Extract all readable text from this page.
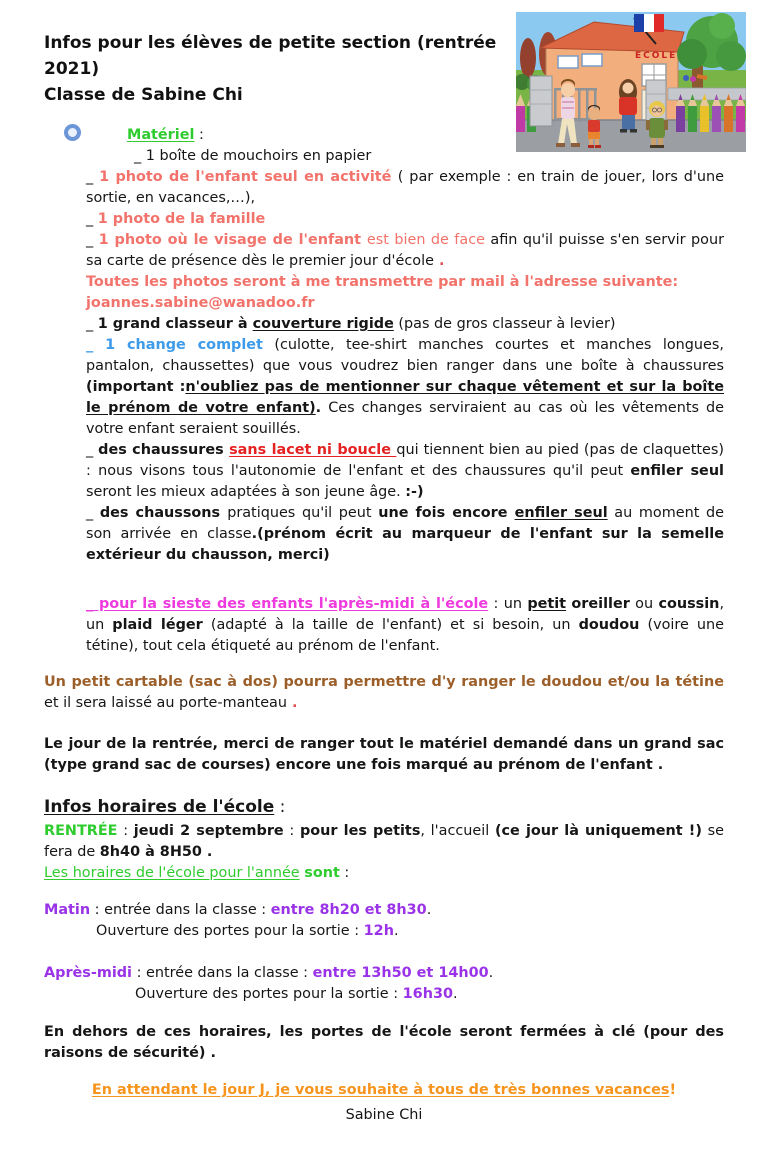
ECOLE
Infos pour les élèves de petite section (rentrée 2021)
Classe de Sabine Chi

Matériel :

_ 1 boîte de mouchoirs en papier

_ 1 photo de l'enfant seul en activité ( par exemple : en train de jouer, lors d'une sortie, en vacances,…),

_ 1 photo de la famille

_ 1 photo où le visage de l'enfant est bien de face afin qu'il puisse s'en servir pour sa carte de présence dès le premier jour d'école .

Toutes les photos seront à me transmettre par mail à l'adresse suivante:
joannes.sabine@wanadoo.fr

_ 1 grand classeur à couverture rigide (pas de gros classeur à levier)

_ 1 change complet (culotte, tee-shirt manches courtes et manches longues, pantalon, chaussettes) que vous voudrez bien ranger dans une boîte à chaussures (important :n'oubliez pas de mentionner sur chaque vêtement et sur la boîte le prénom de votre enfant). Ces changes serviraient au cas où les vêtements de votre enfant seraient souillés.

_ des chaussures sans lacet ni boucle qui tiennent bien au pied (pas de claquettes) : nous visons tous l'autonomie de l'enfant et des chaussures qu'il peut enfiler seul seront les mieux adaptées à son jeune âge. :-)

_ des chaussons pratiques qu'il peut une fois encore enfiler seul au moment de son arrivée en classe.(prénom écrit au marqueur de l'enfant sur la semelle extérieur du chausson, merci)

_ pour la sieste des enfants l'après-midi à l'école : un petit oreiller ou coussin, un plaid léger (adapté à la taille de l'enfant) et si besoin, un doudou (voire une tétine), tout cela étiqueté au prénom de l'enfant.

Un petit cartable (sac à dos) pourra permettre d'y ranger le doudou et/ou la tétine et il sera laissé au porte-manteau .

Le jour de la rentrée, merci de ranger tout le matériel demandé dans un grand sac (type grand sac de courses) encore une fois marqué au prénom de l'enfant .

Infos horaires de l'école :

RENTRÉE : jeudi 2 septembre : pour les petits, l'accueil (ce jour là uniquement !) se fera de 8h40 à 8H50 .

Les horaires de l'école pour l'année sont :

Matin : entrée dans la classe : entre 8h20 et 8h30.

Ouverture des portes pour la sortie : 12h.

Après-midi : entrée dans la classe : entre 13h50 et 14h00.

Ouverture des portes pour la sortie : 16h30.

En dehors de ces horaires, les portes de l'école seront fermées à clé (pour des raisons de sécurité) .

En attendant le jour J, je vous souhaite à tous de très bonnes vacances!

Sabine Chi
